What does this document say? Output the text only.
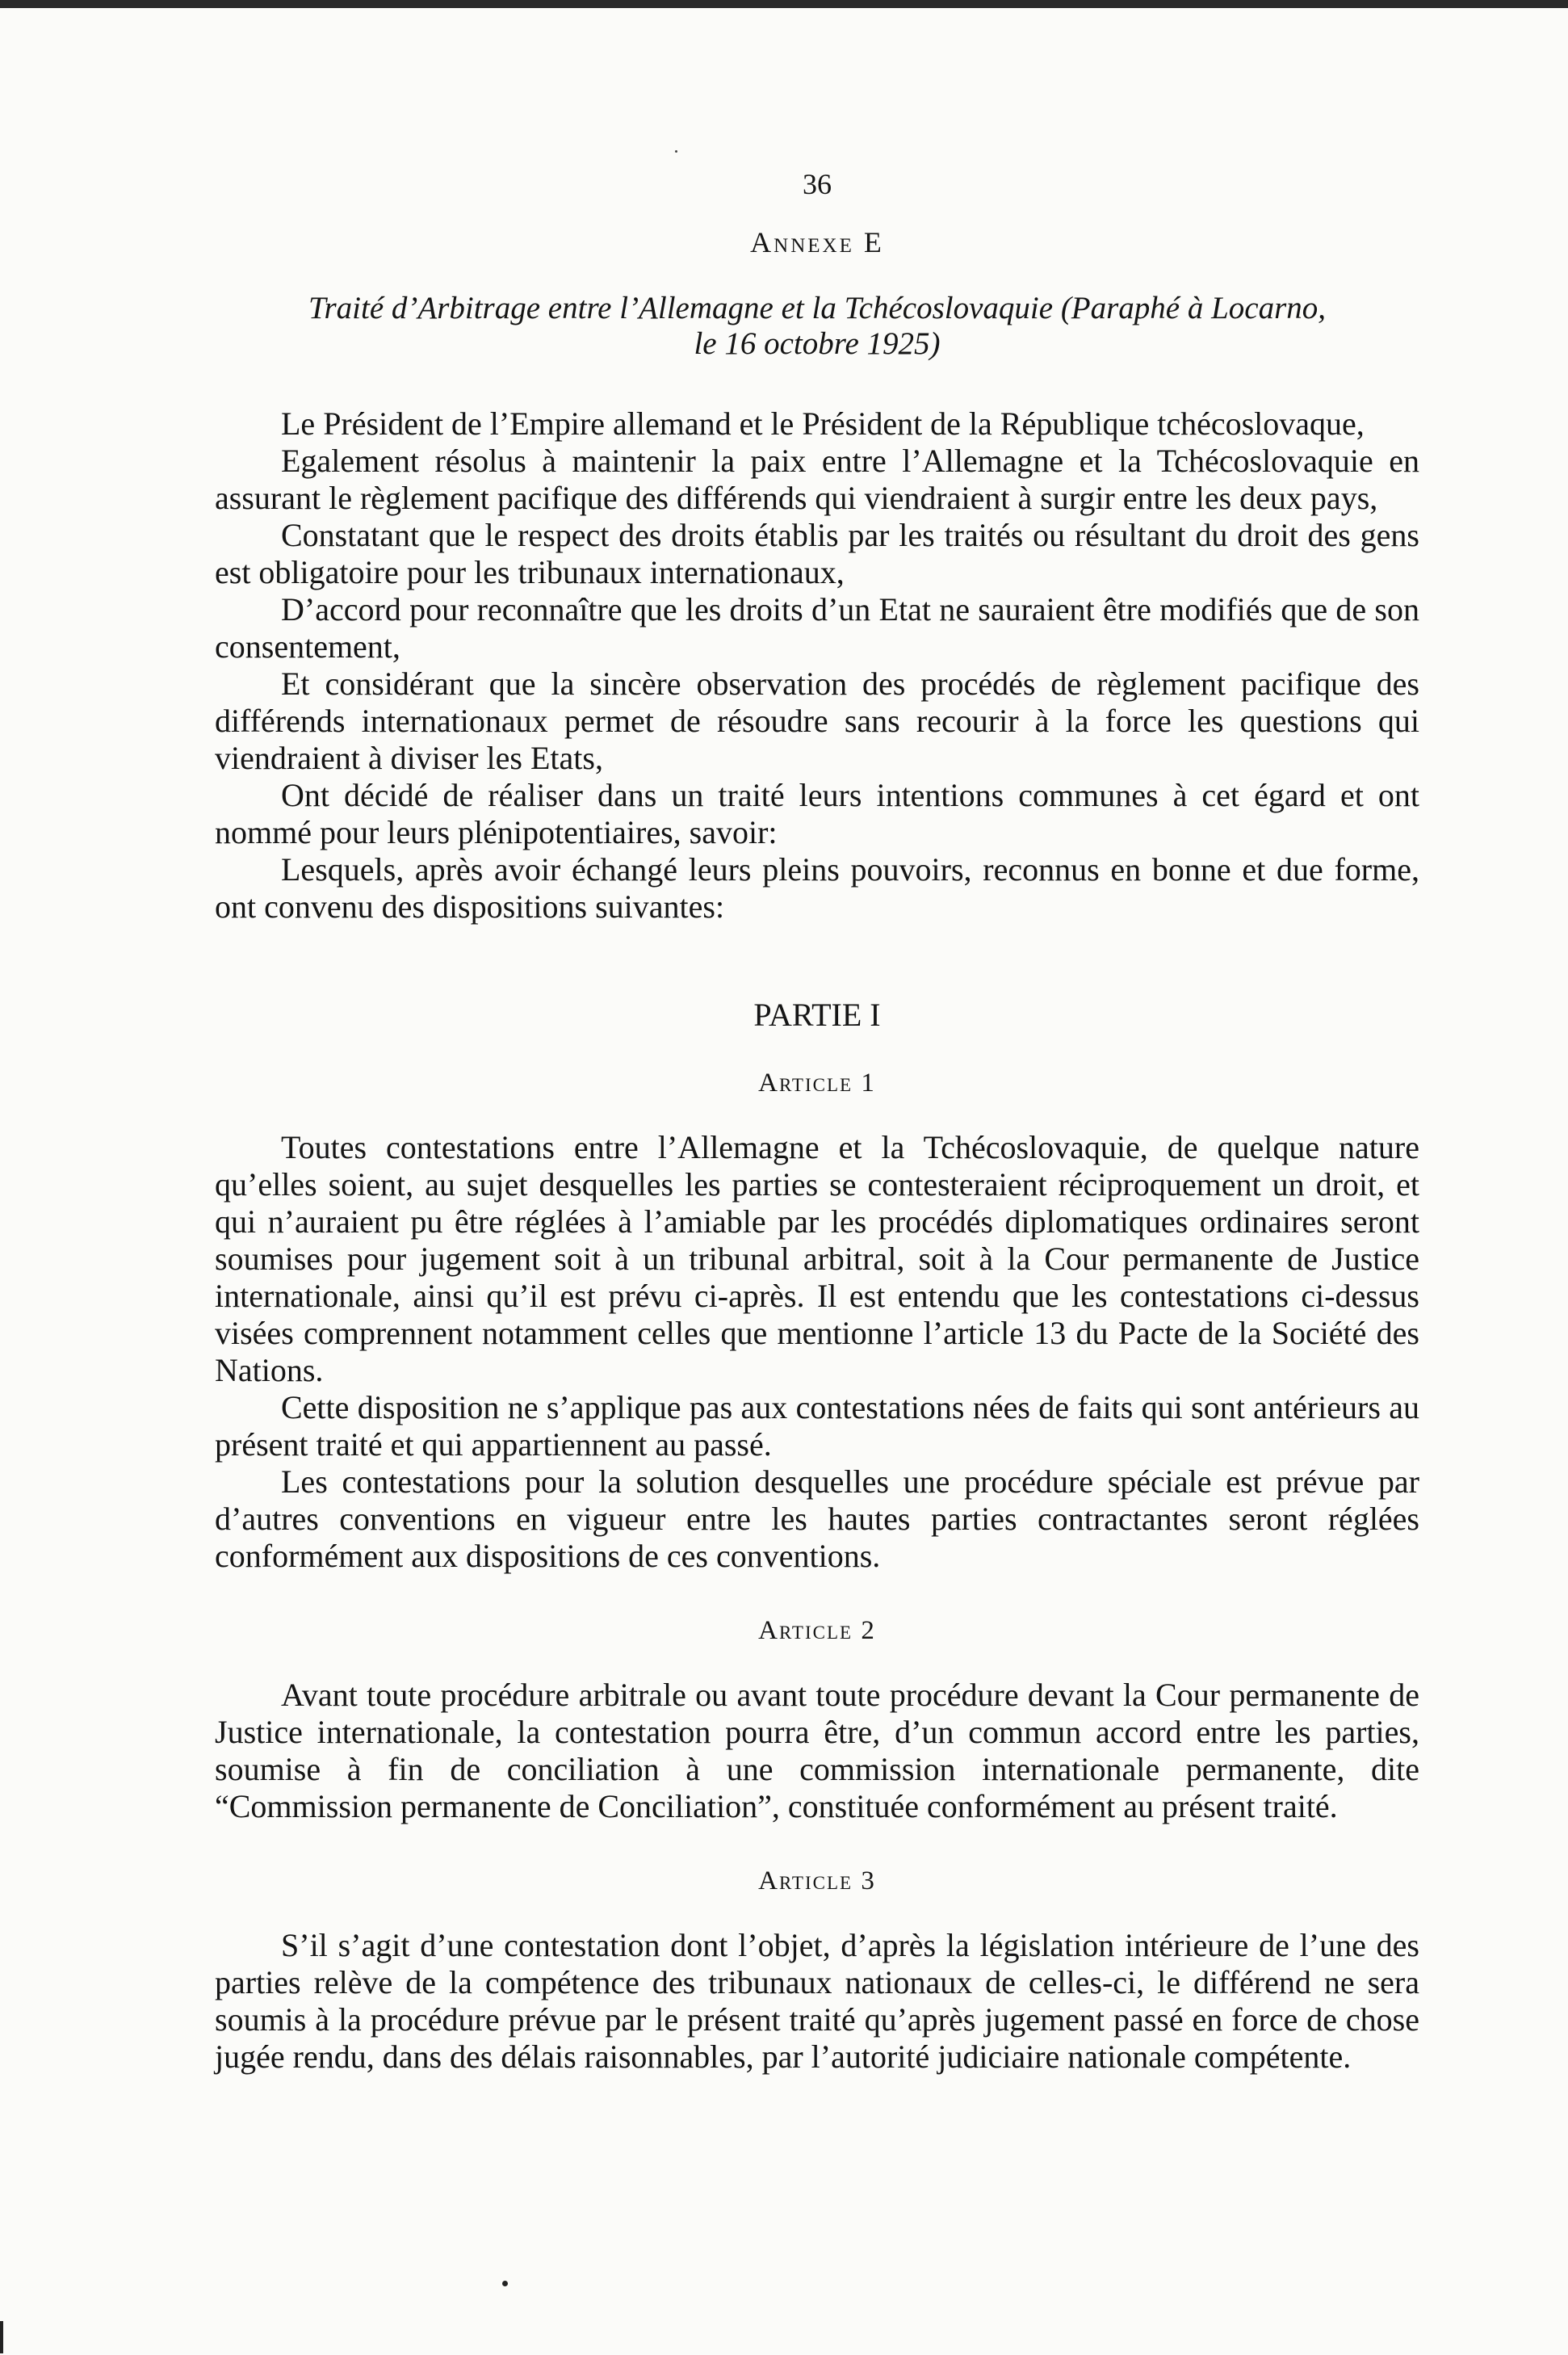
36

Annexe E

Traité d’Arbitrage entre l’Allemagne et la Tchécoslovaquie (Paraphé à Locarno,
le 16 octobre 1925)

Le Président de l’Empire allemand et le Président de la République tchécoslovaque,

Egalement résolus à maintenir la paix entre l’Allemagne et la Tchécoslovaquie en assurant le règlement pacifique des différends qui viendraient à surgir entre les deux pays,

Constatant que le respect des droits établis par les traités ou résultant du droit des gens est obligatoire pour les tribunaux internationaux,

D’accord pour reconnaître que les droits d’un Etat ne sauraient être modifiés que de son consentement,

Et considérant que la sincère observation des procédés de règlement pacifique des différends internationaux permet de résoudre sans recourir à la force les questions qui viendraient à diviser les Etats,

Ont décidé de réaliser dans un traité leurs intentions communes à cet égard et ont nommé pour leurs plénipotentiaires, savoir:

Lesquels, après avoir échangé leurs pleins pouvoirs, reconnus en bonne et due forme, ont convenu des dispositions suivantes:

PARTIE I

Article 1

Toutes contestations entre l’Allemagne et la Tchécoslovaquie, de quelque nature qu’elles soient, au sujet desquelles les parties se contesteraient réciproquement un droit, et qui n’auraient pu être réglées à l’amiable par les procédés diplomatiques ordinaires seront soumises pour jugement soit à un tribunal arbitral, soit à la Cour permanente de Justice internationale, ainsi qu’il est prévu ci-après. Il est entendu que les contestations ci-dessus visées comprennent notamment celles que mentionne l’article 13 du Pacte de la Société des Nations.

Cette disposition ne s’applique pas aux contestations nées de faits qui sont antérieurs au présent traité et qui appartiennent au passé.

Les contestations pour la solution desquelles une procédure spéciale est prévue par d’autres conventions en vigueur entre les hautes parties contractantes seront réglées conformément aux dispositions de ces conventions.

Article 2

Avant toute procédure arbitrale ou avant toute procédure devant la Cour permanente de Justice internationale, la contestation pourra être, d’un commun accord entre les parties, soumise à fin de conciliation à une commission internationale permanente, dite “Commission permanente de Conciliation”, constituée conformément au présent traité.

Article 3

S’il s’agit d’une contestation dont l’objet, d’après la législation intérieure de l’une des parties relève de la compétence des tribunaux nationaux de celles-ci, le différend ne sera soumis à la procédure prévue par le présent traité qu’après jugement passé en force de chose jugée rendu, dans des délais raisonnables, par l’autorité judiciaire nationale compétente.
